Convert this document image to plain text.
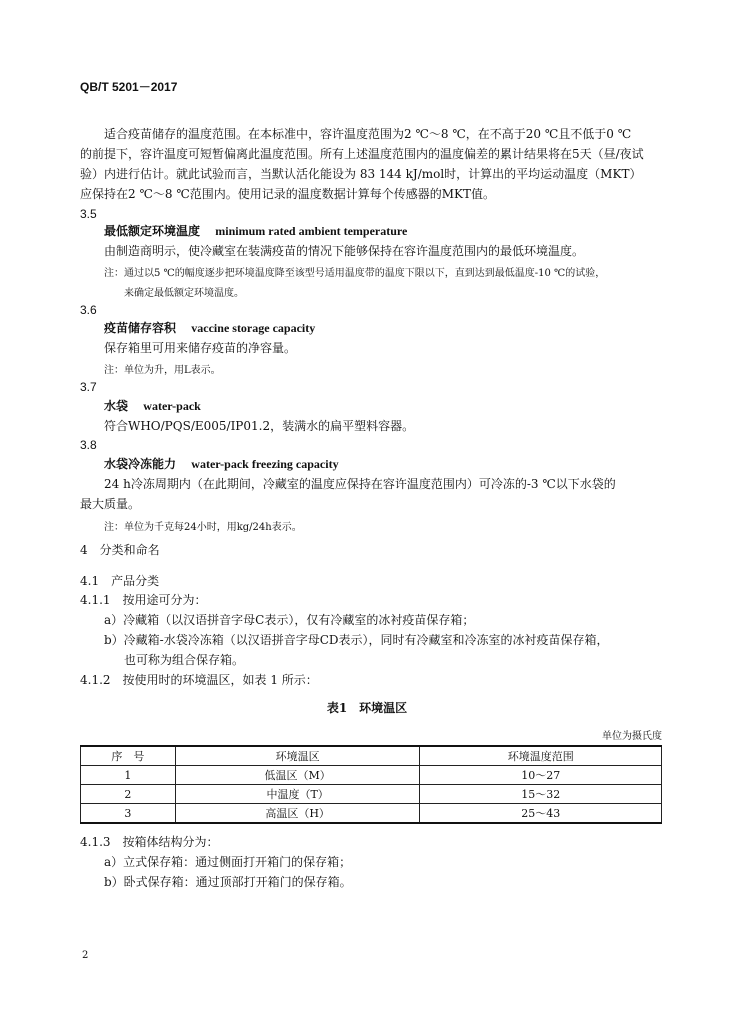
QB/T 5201－2017
适合疫苗储存的温度范围。在本标准中，容许温度范围为2 ℃～8 ℃，在不高于20 ℃且不低于0 ℃
的前提下，容许温度可短暂偏离此温度范围。所有上述温度范围内的温度偏差的累计结果将在5天（昼/夜试
验）内进行估计。就此试验而言，当默认活化能设为 83 144 kJ/mol时，计算出的平均运动温度（MKT）
应保持在2 ℃～8 ℃范围内。使用记录的温度数据计算每个传感器的MKT值。
3.5
最低额定环境温度 minimum rated ambient temperature
由制造商明示，使冷藏室在装满疫苗的情况下能够保持在容许温度范围内的最低环境温度。
注：通过以5 ℃的幅度逐步把环境温度降至该型号适用温度带的温度下限以下，直到达到最低温度-10 ℃的试验，
来确定最低额定环境温度。
3.6
疫苗储存容积 vaccine storage capacity
保存箱里可用来储存疫苗的净容量。
注：单位为升，用L表示。
3.7
水袋 water-pack
符合WHO/PQS/E005/IP01.2，装满水的扁平塑料容器。
3.8
水袋冷冻能力 water-pack freezing capacity
24 h冷冻周期内（在此期间，冷藏室的温度应保持在容许温度范围内）可冷冻的-3 ℃以下水袋的
最大质量。
注：单位为千克每24小时，用kg/24h表示。
4　分类和命名
4.1　产品分类
4.1.1　按用途可分为：
a）冷藏箱（以汉语拼音字母C表示），仅有冷藏室的冰衬疫苗保存箱；
b）冷藏箱-水袋冷冻箱（以汉语拼音字母CD表示），同时有冷藏室和冷冻室的冰衬疫苗保存箱，
也可称为组合保存箱。
4.1.2　按使用时的环境温区，如表 1 所示：
表1　环境温区
单位为摄氏度
序　号	环境温区	环境温度范围
1	低温区（M）	10～27
2	中温度（T）	15～32
3	高温区（H）	25～43
4.1.3　按箱体结构分为：
a）立式保存箱：通过侧面打开箱门的保存箱；
b）卧式保存箱：通过顶部打开箱门的保存箱。
2
